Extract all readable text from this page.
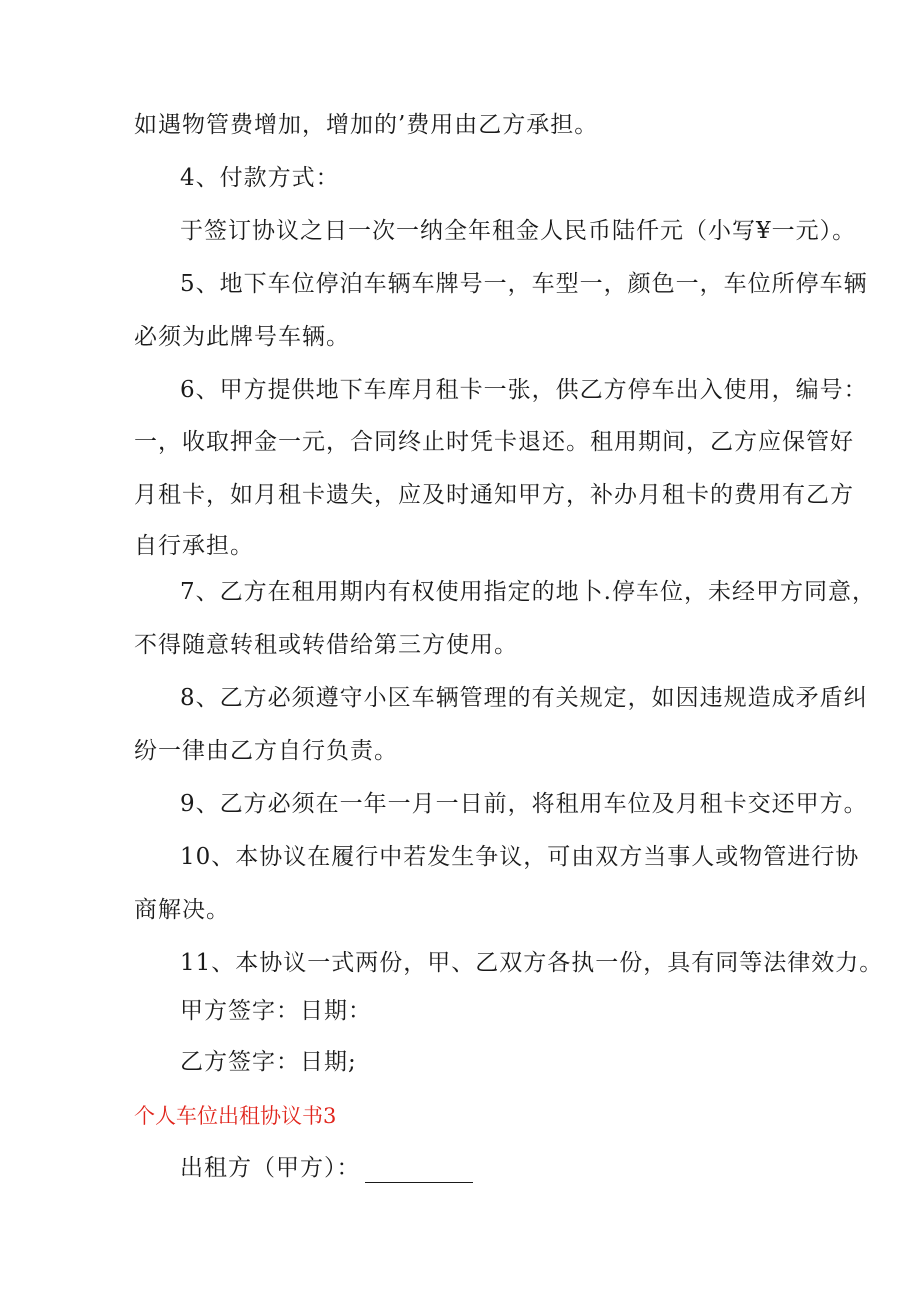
如遇物管费增加，增加的’费用由乙方承担。
4、付款方式：
于签订协议之日一次一纳全年租金人民币陆仟元（小写¥一元）。
5、地下车位停泊车辆车牌号一，车型一，颜色一，车位所停车辆
必须为此牌号车辆。
6、甲方提供地下车库月租卡一张，供乙方停车出入使用，编号：
一，收取押金一元，合同终止时凭卡退还。租用期间，乙方应保管好
月租卡，如月租卡遗失，应及时通知甲方，补办月租卡的费用有乙方
自行承担。
7、乙方在租用期内有权使用指定的地卜.停车位，未经甲方同意，
不得随意转租或转借给第三方使用。
8、乙方必须遵守小区车辆管理的有关规定，如因违规造成矛盾纠
纷一律由乙方自行负责。
9、乙方必须在一年一月一日前，将租用车位及月租卡交还甲方。
10、本协议在履行中若发生争议，可由双方当事人或物管进行协
商解决。
11、本协议一式两份，甲、乙双方各执一份，具有同等法律效力。
甲方签字：日期：
乙方签字：日期;
个人车位出租协议书3
出租方（甲方）：
